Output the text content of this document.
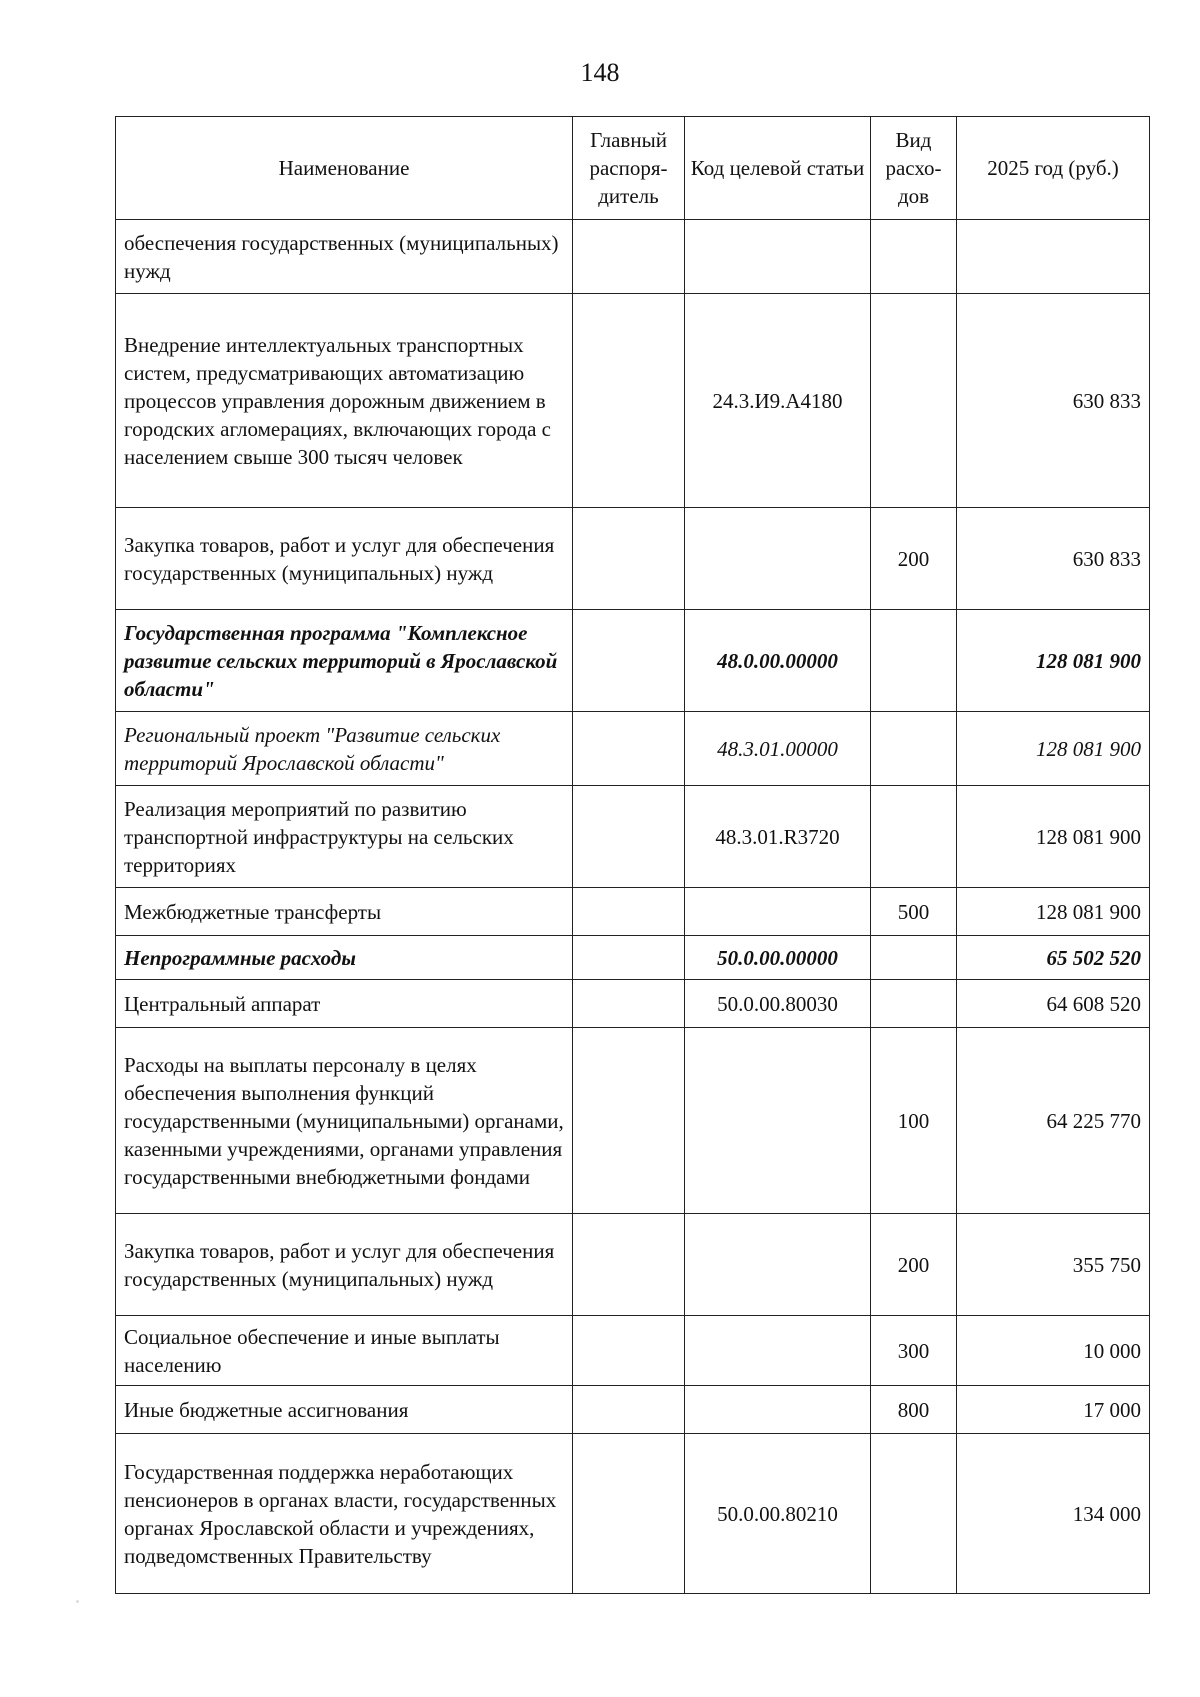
148
Наименование	Главный распоря-дитель	Код целевой статьи	Вид расхо-дов	2025 год (руб.)
обеспечения государственных (муниципальных) нужд				
Внедрение интеллектуальных транспортных систем, предусматривающих автоматизацию процессов управления дорожным движением в городских агломерациях, включающих города с населением свыше 300 тысяч человек		24.3.И9.А4180		630 833
Закупка товаров, работ и услуг для обеспечения государственных (муниципальных) нужд			200	630 833
Государственная программа "Комплексное развитие сельских территорий в Ярославской области"		48.0.00.00000		128 081 900
Региональный проект "Развитие сельских территорий Ярославской области"		48.3.01.00000		128 081 900
Реализация мероприятий по развитию транспортной инфраструктуры на сельских территориях		48.3.01.R3720		128 081 900
Межбюджетные трансферты			500	128 081 900
Непрограммные расходы		50.0.00.00000		65 502 520
Центральный аппарат		50.0.00.80030		64 608 520
Расходы на выплаты персоналу в целях обеспечения выполнения функций государственными (муниципальными) органами, казенными учреждениями, органами управления государственными внебюджетными фондами			100	64 225 770
Закупка товаров, работ и услуг для обеспечения государственных (муниципальных) нужд			200	355 750
Социальное обеспечение и иные выплаты населению			300	10 000
Иные бюджетные ассигнования			800	17 000
Государственная поддержка неработающих пенсионеров в органах власти, государственных органах Ярославской области и учреждениях, подведомственных Правительству		50.0.00.80210		134 000
